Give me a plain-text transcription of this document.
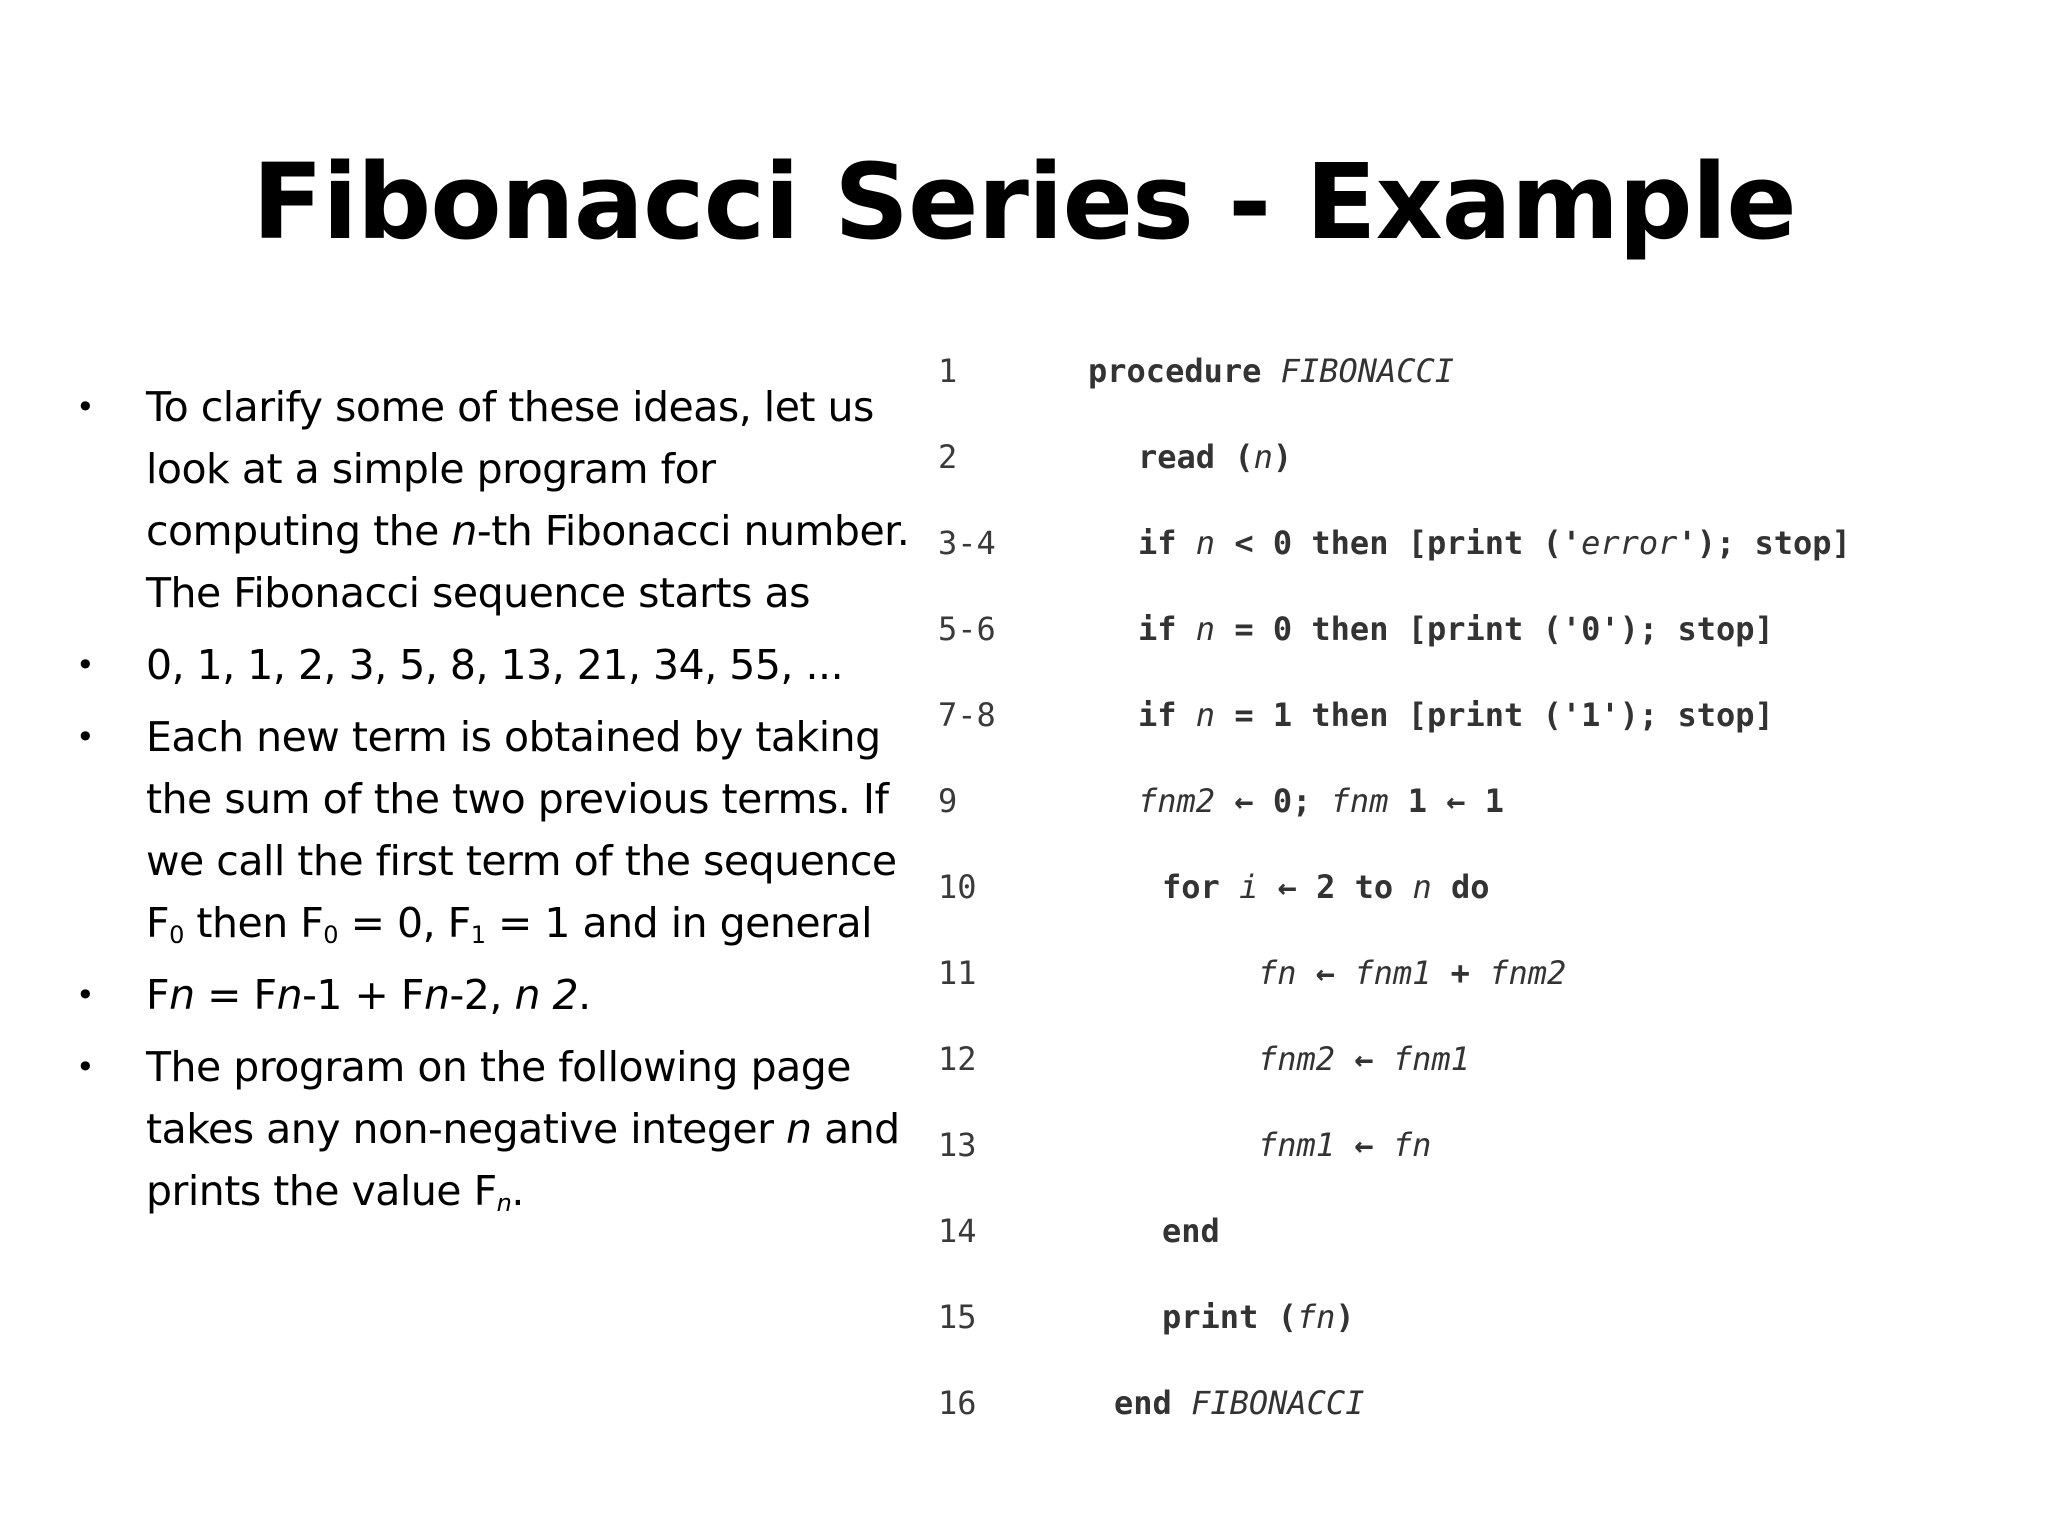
Fibonacci Series - Example
• To clarify some of these ideas, let us look at a simple program for computing the n-th Fibonacci number. The Fibonacci sequence starts as
• 0, 1, 1, 2, 3, 5, 8, 13, 21, 34, 55, ...
• Each new term is obtained by taking the sum of the two previous terms. If we call the first term of the sequence $F_0$ then $F_0 = 0$, $F_1 = 1$ and in general
• Fn = Fn-1 + Fn-2, n 2.
• The program on the following page takes any non-negative integer n and prints the value $F_n$.
1	procedure FIBONACCI
2	read (n)
3-4	if n < 0 then [print ('error'); stop]
5-6	if n = 0 then [print ('0'); stop]
7-8	if n = 1 then [print ('1'); stop]
9	fnm2 ← 0; fnm 1 ← 1
10	for i ← 2 to n do
11	fn ← fnm1 + fnm2
12	fnm2 ← fnm1
13	fnm1 ← fn
14	end
15	print (fn)
16	end FIBONACCI
